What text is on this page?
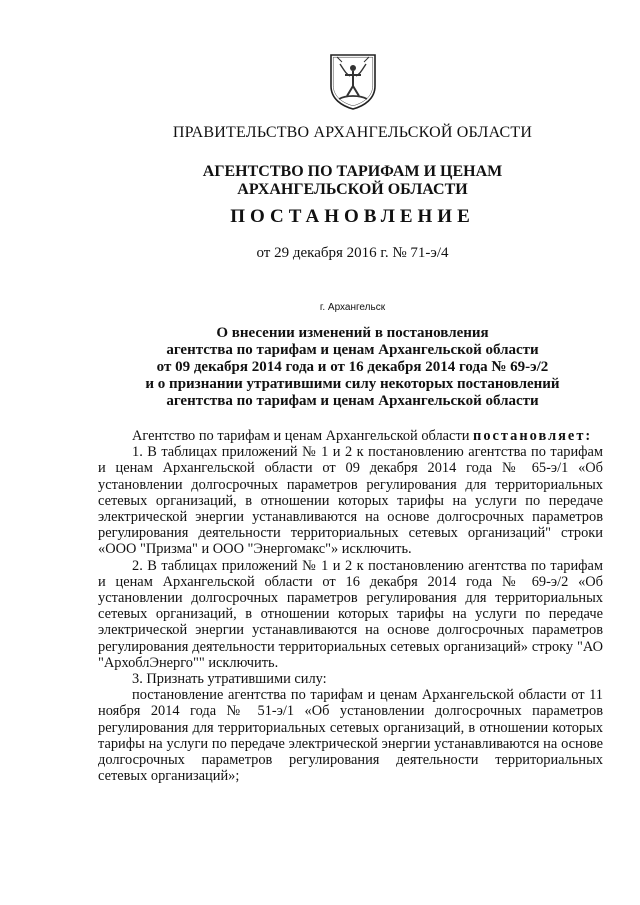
ПРАВИТЕЛЬСТВО АРХАНГЕЛЬСКОЙ ОБЛАСТИ
АГЕНТСТВО ПО ТАРИФАМ И ЦЕНАМ
АРХАНГЕЛЬСКОЙ ОБЛАСТИ
ПОСТАНОВЛЕНИЕ
от 29 декабря 2016 г. № 71-э/4
г. Архангельск
О внесении изменений в постановления
агентства по тарифам и ценам Архангельской области
от 09 декабря 2014 года и от 16 декабря 2014 года № 69-э/2
и о признании утратившими силу некоторых постановлений
агентства по тарифам и ценам Архангельской области

Агентство по тарифам и ценам Архангельской области постановляет:

1. В таблицах приложений № 1 и 2 к постановлению агентства по тарифам и ценам Архангельской области от 09 декабря 2014 года № 65-э/1 «Об установлении долгосрочных параметров регулирования для территориальных сетевых организаций, в отношении которых тарифы на услуги по передаче электрической энергии устанавливаются на основе долгосрочных параметров регулирования деятельности территориальных сетевых организаций" строки «ООО "Призма" и ООО "Энергомакс"» исключить.

2. В таблицах приложений № 1 и 2 к постановлению агентства по тарифам и ценам Архангельской области от 16 декабря 2014 года № 69-э/2 «Об установлении долгосрочных параметров регулирования для территориальных сетевых организаций, в отношении которых тарифы на услуги по передаче электрической энергии устанавливаются на основе долгосрочных параметров регулирования деятельности территориальных сетевых организаций» строку "АО "АрхоблЭнерго"" исключить.

3. Признать утратившими силу:

постановление агентства по тарифам и ценам Архангельской области от 11 ноября 2014 года № 51-э/1 «Об установлении долгосрочных параметров регулирования для территориальных сетевых организаций, в отношении которых тарифы на услуги по передаче электрической энергии устанавливаются на основе долгосрочных параметров регулирования деятельности территориальных сетевых организаций»;
